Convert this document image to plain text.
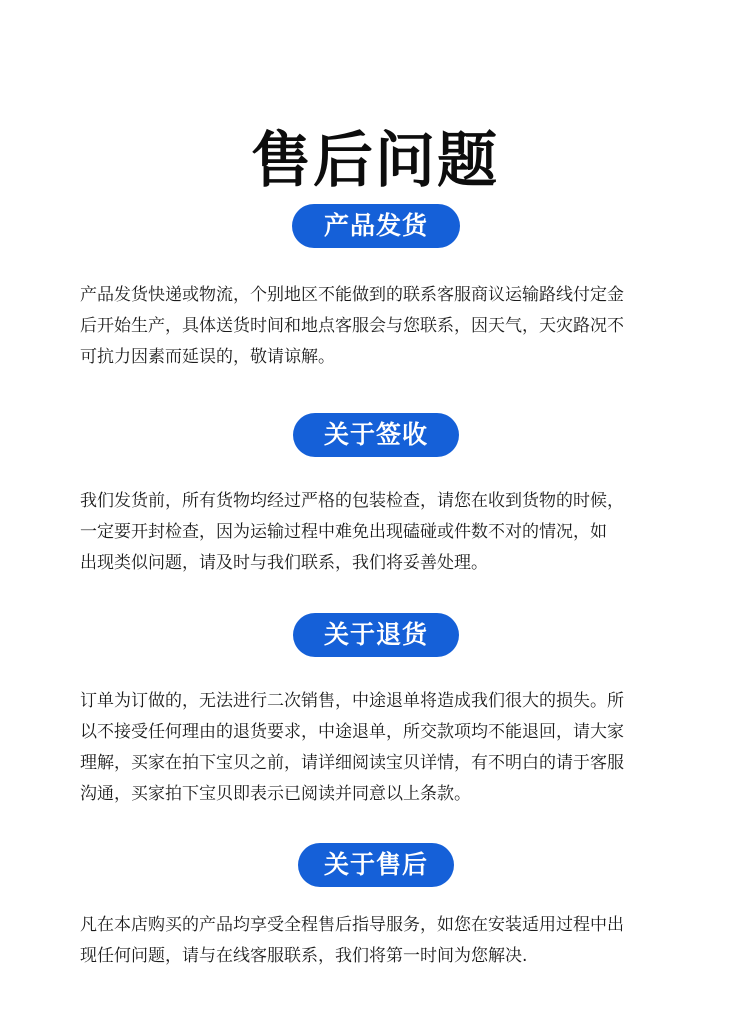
售后问题
产品发货

产品发货快递或物流，个别地区不能做到的联系客服商议运输路线付定金
后开始生产，具体送货时间和地点客服会与您联系，因天气，天灾路况不
可抗力因素而延误的，敬请谅解。

关于签收

我们发货前，所有货物均经过严格的包装检查，请您在收到货物的时候，
一定要开封检查，因为运输过程中难免出现磕碰或件数不对的情况，如
出现类似问题，请及时与我们联系，我们将妥善处理。

关于退货

订单为订做的，无法进行二次销售，中途退单将造成我们很大的损失。所
以不接受任何理由的退货要求，中途退单，所交款项均不能退回，请大家
理解，买家在拍下宝贝之前，请详细阅读宝贝详情，有不明白的请于客服
沟通，买家拍下宝贝即表示已阅读并同意以上条款。

关于售后

凡在本店购买的产品均享受全程售后指导服务，如您在安装适用过程中出
现任何问题，请与在线客服联系，我们将第一时间为您解决.
